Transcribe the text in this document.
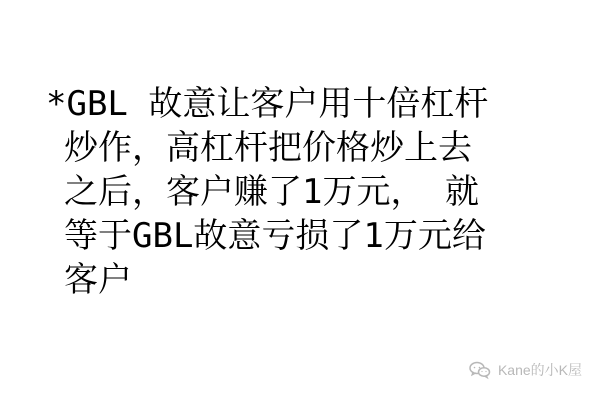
*GBL 故意让客户用十倍杠杆
炒作，高杠杆把价格炒上去
之后，客户赚了1万元， 就
等于GBL故意亏损了1万元给
客户
Kane的小K屋
